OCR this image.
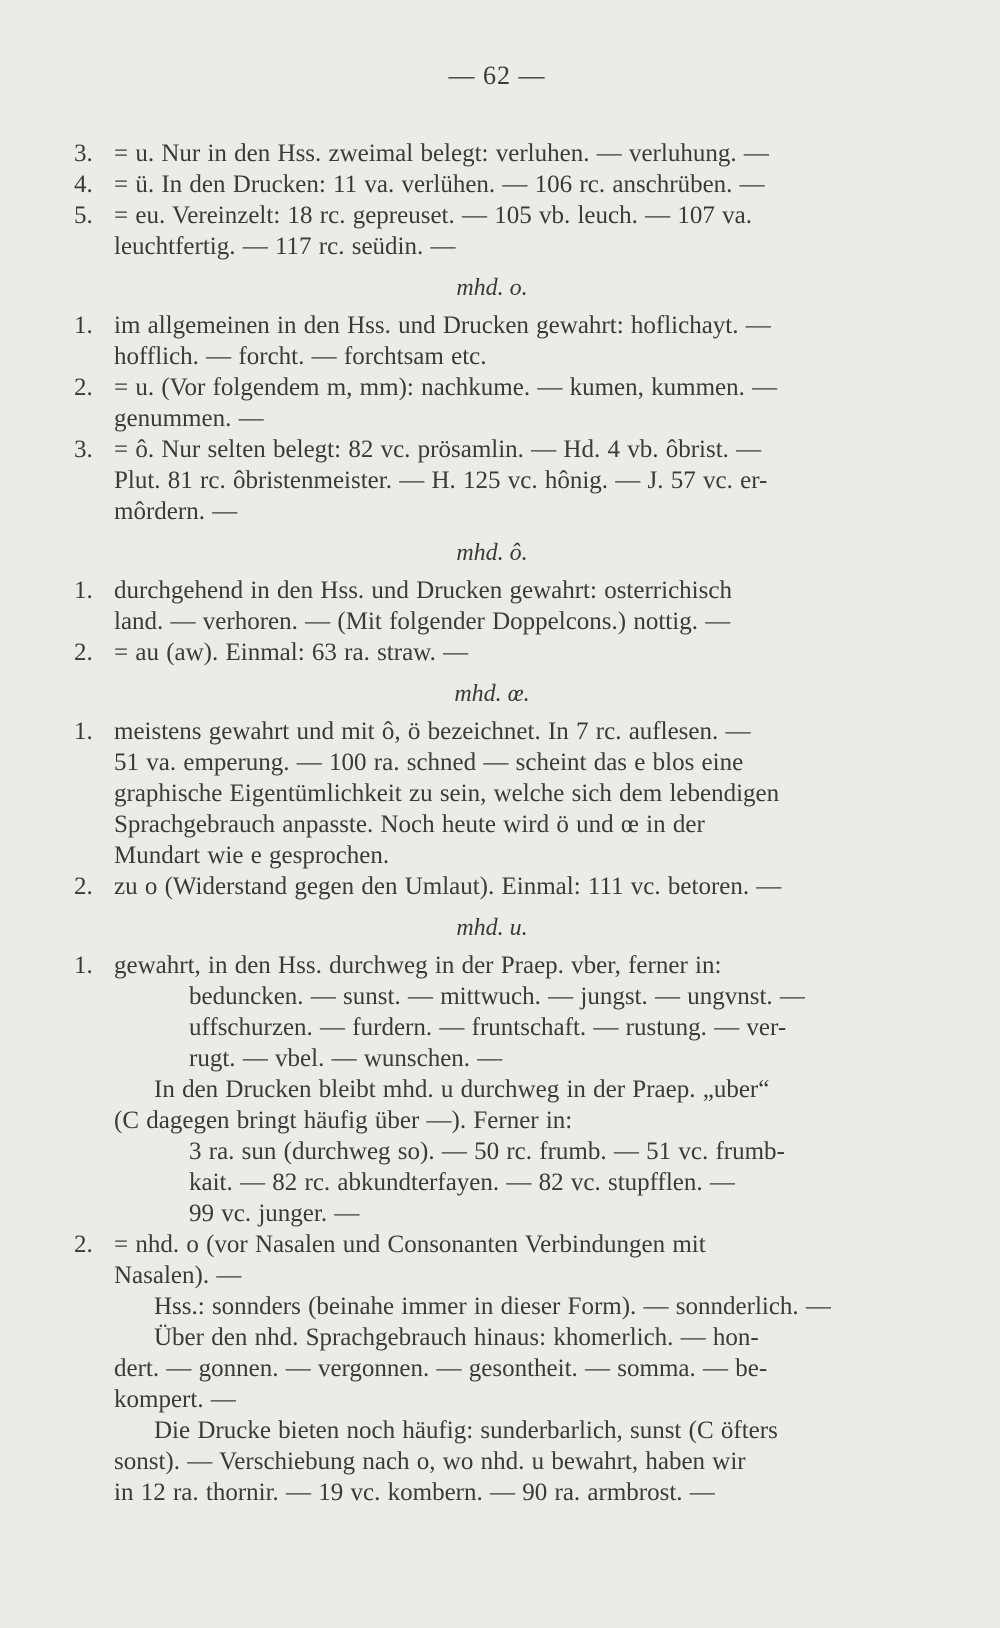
— 62 —
3. = u. Nur in den Hss. zweimal belegt: verluhen. — verluhung. —
4. = ü. In den Drucken: 11 va. verlühen. — 106 rc. anschrüben. —
5. = eu. Vereinzelt: 18 rc. gepreuset. — 105 vb. leuch. — 107 va.
leuchtfertig. — 117 rc. seüdin. —
mhd. o.
1. im allgemeinen in den Hss. und Drucken gewahrt: hoflichayt. —
hofflich. — forcht. — forchtsam etc.
2. = u. (Vor folgendem m, mm): nachkume. — kumen, kummen. —
genummen. —
3. = ô. Nur selten belegt: 82 vc. prösamlin. — Hd. 4 vb. ôbrist. —
Plut. 81 rc. ôbristenmeister. — H. 125 vc. hônig. — J. 57 vc. er-
môrdern. —
mhd. ô.
1. durchgehend in den Hss. und Drucken gewahrt: osterrichisch
land. — verhoren. — (Mit folgender Doppelcons.) nottig. —
2. = au (aw). Einmal: 63 ra. straw. —
mhd. œ.
1. meistens gewahrt und mit ô, ö bezeichnet. In 7 rc. auflesen. —
51 va. emperung. — 100 ra. schned — scheint das e blos eine
graphische Eigentümlichkeit zu sein, welche sich dem lebendigen
Sprachgebrauch anpasste. Noch heute wird ö und œ in der
Mundart wie e gesprochen.
2. zu o (Widerstand gegen den Umlaut). Einmal: 111 vc. betoren. —
mhd. u.
1. gewahrt, in den Hss. durchweg in der Praep. vber, ferner in:
beduncken. — sunst. — mittwuch. — jungst. — ungvnst. —
uffschurzen. — furdern. — fruntschaft. — rustung. — ver-
rugt. — vbel. — wunschen. —
In den Drucken bleibt mhd. u durchweg in der Praep. „uber“
(C dagegen bringt häufig über —). Ferner in:
3 ra. sun (durchweg so). — 50 rc. frumb. — 51 vc. frumb-
kait. — 82 rc. abkundterfayen. — 82 vc. stupfflen. —
99 vc. junger. —
2. = nhd. o (vor Nasalen und Consonanten Verbindungen mit
Nasalen). —
Hss.: sonnders (beinahe immer in dieser Form). — sonnderlich. —
Über den nhd. Sprachgebrauch hinaus: khomerlich. — hon-
dert. — gonnen. — vergonnen. — gesontheit. — somma. — be-
kompert. —
Die Drucke bieten noch häufig: sunderbarlich, sunst (C öfters
sonst). — Verschiebung nach o, wo nhd. u bewahrt, haben wir
in 12 ra. thornir. — 19 vc. kombern. — 90 ra. armbrost. —
